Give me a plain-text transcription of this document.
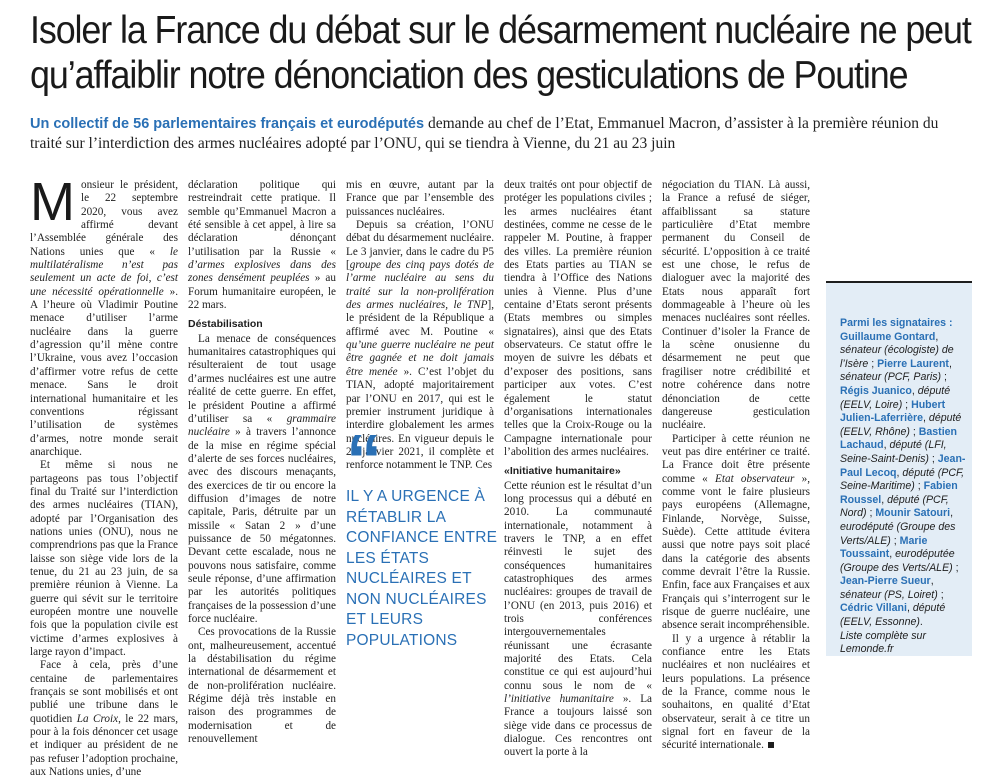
Isoler la France du débat sur le désarmement nucléaire ne peut qu’affaiblir notre dénonciation des gesticulations de Poutine

Un collectif de 56 parlementaires français et eurodéputés demande au chef de l’Etat, Emmanuel Macron, d’assister à la première réunion du traité sur l’interdiction des armes nucléaires adopté par l’ONU, qui se tiendra à Vienne, du 21 au 23 juin

Monsieur le président, le 22 septembre 2020, vous avez affirmé devant l’Assemblée générale des Nations unies que « le multilatéralisme n’est pas seulement un acte de foi, c’est une nécessité opérationnelle ». A l’heure où Vladimir Poutine menace d’utiliser l’arme nucléaire dans la guerre d’agression qu’il mène contre l’Ukraine, vous avez l’occasion d’affirmer votre refus de cette menace. Sans le droit international humanitaire et les conventions régissant l’utilisation de systèmes d’armes, notre monde serait anarchique.

Et même si nous ne partageons pas tous l’objectif final du Traité sur l’interdiction des armes nucléaires (TIAN), adopté par l’Organisation des nations unies (ONU), nous ne comprendrions pas que la France laisse son siège vide lors de la tenue, du 21 au 23 juin, de sa première réunion à Vienne. La guerre qui sévit sur le territoire européen montre une nouvelle fois que la population civile est victime d’armes explosives à large rayon d’impact.

Face à cela, près d’une centaine de parlementaires français se sont mobilisés et ont publié une tribune dans le quotidien La Croix, le 22 mars, pour à la fois dénoncer cet usage et indiquer au président de ne pas refuser l’adoption prochaine, aux Nations unies, d’une

déclaration politique qui restreindrait cette pratique. Il semble qu’Emmanuel Macron a été sensible à cet appel, à lire sa déclaration dénonçant l’utilisation par la Russie « d’armes explosives dans des zones densément peuplées » au Forum humanitaire européen, le 22 mars.

Déstabilisation

La menace de conséquences humanitaires catastrophiques qui résulteraient de tout usage d’armes nucléaires est une autre réalité de cette guerre. En effet, le président Poutine a affirmé d’utiliser sa « grammaire nucléaire » à travers l’annonce de la mise en régime spécial d’alerte de ses forces nucléaires, avec des discours menaçants, des exercices de tir ou encore la diffusion d’images de notre capitale, Paris, détruite par un missile « Satan 2 » d’une puissance de 50 mégatonnes. Devant cette escalade, nous ne pouvons nous satisfaire, comme seule réponse, d’une affirmation par les autorités politiques françaises de la possession d’une force nucléaire.

Ces provocations de la Russie ont, malheureusement, accentué la déstabilisation du régime international de désarmement et de non-prolifération nucléaire. Régime déjà très instable en raison des programmes de modernisation et de renouvellement

mis en œuvre, autant par la France que par l’ensemble des puissances nucléaires.

Depuis sa création, l’ONU débat du désarmement nucléaire. Le 3 janvier, dans le cadre du P5 [groupe des cinq pays dotés de l’arme nucléaire au sens du traité sur la non-prolifération des armes nucléaires, le TNP], le président de la République a affirmé avec M. Poutine « qu’une guerre nucléaire ne peut être gagnée et ne doit jamais être menée ». C’est l’objet du TIAN, adopté majoritairement par l’ONU en 2017, qui est le premier instrument juridique à interdire globalement les armes nucléaires. En vigueur depuis le 22 janvier 2021, il complète et renforce notamment le TNP. Ces

“
IL Y A URGENCE À RÉTABLIR LA CONFIANCE ENTRE LES ÉTATS NUCLÉAIRES ET NON NUCLÉAIRES ET LEURS POPULATIONS

deux traités ont pour objectif de protéger les populations civiles ; les armes nucléaires étant destinées, comme ne cesse de le rappeler M. Poutine, à frapper des villes. La première réunion des Etats parties au TIAN se tiendra à l’Office des Nations unies à Vienne. Plus d’une centaine d’Etats seront présents (Etats membres ou simples signataires), ainsi que des Etats observateurs. Ce statut offre le moyen de suivre les débats et d’exposer des positions, sans participer aux votes. C’est également le statut d’organisations internationales telles que la Croix-Rouge ou la Campagne internationale pour l’abolition des armes nucléaires.

«Initiative humanitaire»

Cette réunion est le résultat d’un long processus qui a débuté en 2010. La communauté internationale, notamment à travers le TNP, a en effet réinvesti le sujet des conséquences humanitaires catastrophiques des armes nucléaires: groupes de travail de l’ONU (en 2013, puis 2016) et trois conférences intergouvernementales réunissant une écrasante majorité des Etats. Cela constitue ce qui est aujourd’hui connu sous le nom de « l’initiative humanitaire ». La France a toujours laissé son siège vide dans ce processus de dialogue. Ces rencontres ont ouvert la porte à la

négociation du TIAN. Là aussi, la France a refusé de siéger, affaiblissant sa stature particulière d’Etat membre permanent du Conseil de sécurité. L’opposition à ce traité est une chose, le refus de dialoguer avec la majorité des Etats nous apparaît fort dommageable à l’heure où les menaces nucléaires sont réelles. Continuer d’isoler la France de la scène onusienne du désarmement ne peut que fragiliser notre crédibilité et notre cohérence dans notre dénonciation de cette dangereuse gesticulation nucléaire.

Participer à cette réunion ne veut pas dire entériner ce traité. La France doit être présente comme « Etat observateur », comme vont le faire plusieurs pays européens (Allemagne, Finlande, Norvège, Suisse, Suède). Cette attitude évitera aussi que notre pays soit placé dans la catégorie des absents comme devrait l’être la Russie. Enfin, face aux Françaises et aux Français qui s’interrogent sur le risque de guerre nucléaire, une absence serait incompréhensible.

Il y a urgence à rétablir la confiance entre les Etats nucléaires et non nucléaires et leurs populations. La présence de la France, comme nous le souhaitons, en qualité d’Etat observateur, serait à ce titre un signal fort en faveur de la sécurité internationale.

Parmi les signataires :
Guillaume Gontard, sénateur (écologiste) de l’Isère ; Pierre Laurent, sénateur (PCF, Paris) ; Régis Juanico, député (EELV, Loire) ; Hubert Julien-Laferrière, député (EELV, Rhône) ; Bastien Lachaud, député (LFI, Seine-Saint-Denis) ; Jean-Paul Lecoq, député (PCF, Seine-Maritime) ; Fabien Roussel, député (PCF, Nord) ; Mounir Satouri, eurodéputé (Groupe des Verts/ALE) ; Marie Toussaint, eurodéputée (Groupe des Verts/ALE) ; Jean-Pierre Sueur, sénateur (PS, Loiret) ; Cédric Villani, député (EELV, Essonne).
Liste complète sur Lemonde.fr
